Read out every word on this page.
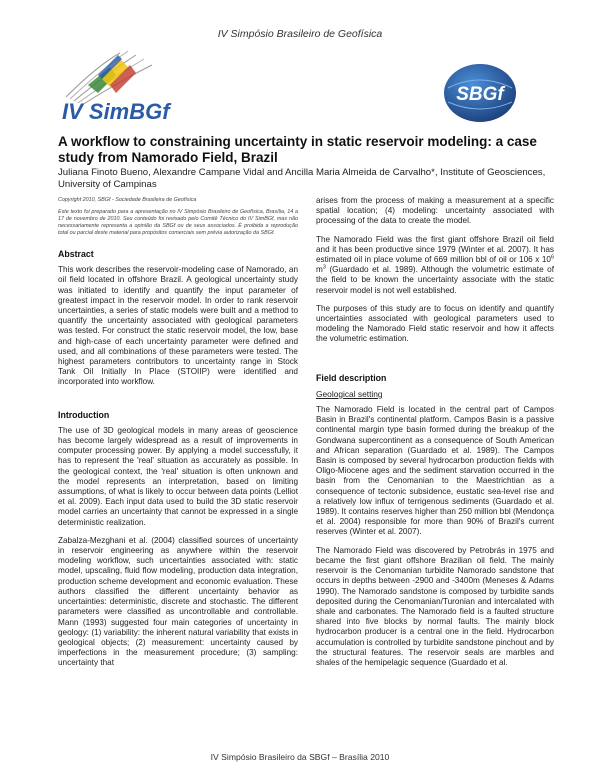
IV Simpósio Brasileiro de Geofísica
IV SimBGf
SBGf
A workflow to constraining uncertainty in static reservoir modeling: a case study from Namorado Field, Brazil
Juliana Finoto Bueno, Alexandre Campane Vidal and Ancilla Maria Almeida de Carvalho*, Institute of Geosciences, University of Campinas
Copyright 2010, SBGf - Sociedade Brasileira de Geofísica
Este texto foi preparado para a apresentação no IV Simpósio Brasileiro de Geofísica, Brasília, 14 a 17 de novembro de 2010. Seu conteúdo foi revisado pelo Comitê Técnico do IV SimBGf, mas não necessariamente representa a opinião da SBGf ou de seus associados. É proibida a reprodução total ou parcial deste material para propósitos comerciais sem prévia autorização da SBGf.
Abstract

This work describes the reservoir-modeling case of Namorado, an oil field located in offshore Brazil. A geological uncertainty study was initiated to identify and quantify the input parameter of greatest impact in the reservoir model. In order to rank reservoir uncertainties, a series of static models were built and a method to quantify the uncertainty associated with geological parameters was tested. For construct the static reservoir model, the low, base and high-case of each uncertainty parameter were defined and used, and all combinations of these parameters were tested. The highest parameters contributors to uncertainty range in Stock Tank Oil Initially In Place (STOIIP) were identified and incorporated into workflow.

Introduction

The use of 3D geological models in many areas of geoscience has become largely widespread as a result of improvements in computer processing power. By applying a model successfully, it has to represent the 'real' situation as accurately as possible. In the geological context, the 'real' situation is often unknown and the model represents an interpretation, based on limiting assumptions, of what is likely to occur between data points (Lelliot et al. 2009). Each input data used to build the 3D static reservoir model carries an uncertainty that cannot be expressed in a single deterministic realization.

Zabalza-Mezghani et al. (2004) classified sources of uncertainty in reservoir engineering as anywhere within the reservoir modeling workflow, such uncertainties associated with: static model, upscaling, fluid flow modeling, production data integration, production scheme development and economic evaluation. These authors classified the different uncertainty behavior as uncertainties: deterministic, discrete and stochastic. The different parameters were classified as uncontrollable and controllable. Mann (1993) suggested four main categories of uncertainty in geology: (1) variability: the inherent natural variability that exists in geological objects; (2) measurement: uncertainty caused by imperfections in the measurement procedure; (3) sampling: uncertainty that

arises from the process of making a measurement at a specific spatial location; (4) modeling: uncertainty associated with processing of the data to create the model.

The Namorado Field was the first giant offshore Brazil oil field and it has been productive since 1979 (Winter et al. 2007). It has estimated oil in place volume of 669 million bbl of oil or 106 x $10^6$ $m^3$ (Guardado et al. 1989). Although the volumetric estimate of the field to be known the uncertainty associate with the static reservoir model is not well established.

The purposes of this study are to focus on identify and quantify uncertainties associated with geological parameters used to modeling the Namorado Field static reservoir and how it affects the volumetric estimation.

Field description
Geological setting

The Namorado Field is located in the central part of Campos Basin in Brazil's continental platform. Campos Basin is a passive continental margin type basin formed during the breakup of the Gondwana supercontinent as a consequence of South American and African separation (Guardado et al. 1989). The Campos Basin is composed by several hydrocarbon production fields with Oligo-Miocene ages and the sediment starvation occurred in the basin from the Cenomanian to the Maestrichtian as a consequence of tectonic subsidence, eustatic sea-level rise and a relatively low influx of terrigenous sediments (Guardado et al. 1989). It contains reserves higher than 250 million bbl (Mendonça et al. 2004) responsible for more than 90% of Brazil's current reserves (Winter et al. 2007).

The Namorado Field was discovered by Petrobrás in 1975 and became the first giant offshore Brazilian oil field. The mainly reservoir is the Cenomanian turbidite Namorado sandstone that occurs in depths between -2900 and -3400m (Meneses & Adams 1990). The Namorado sandstone is composed by turbidite sands deposited during the Cenomanian/Turonian and intercalated with shale and carbonates. The Namorado field is a faulted structure shared into five blocks by normal faults. The mainly block hydrocarbon producer is a central one in the field. Hydrocarbon accumulation is controlled by turbidite sandstone pinchout and by the structural features. The reservoir seals are marbles and shales of the hemipelagic sequence (Guardado et al.

IV Simpósio Brasileiro da SBGf – Brasília 2010
